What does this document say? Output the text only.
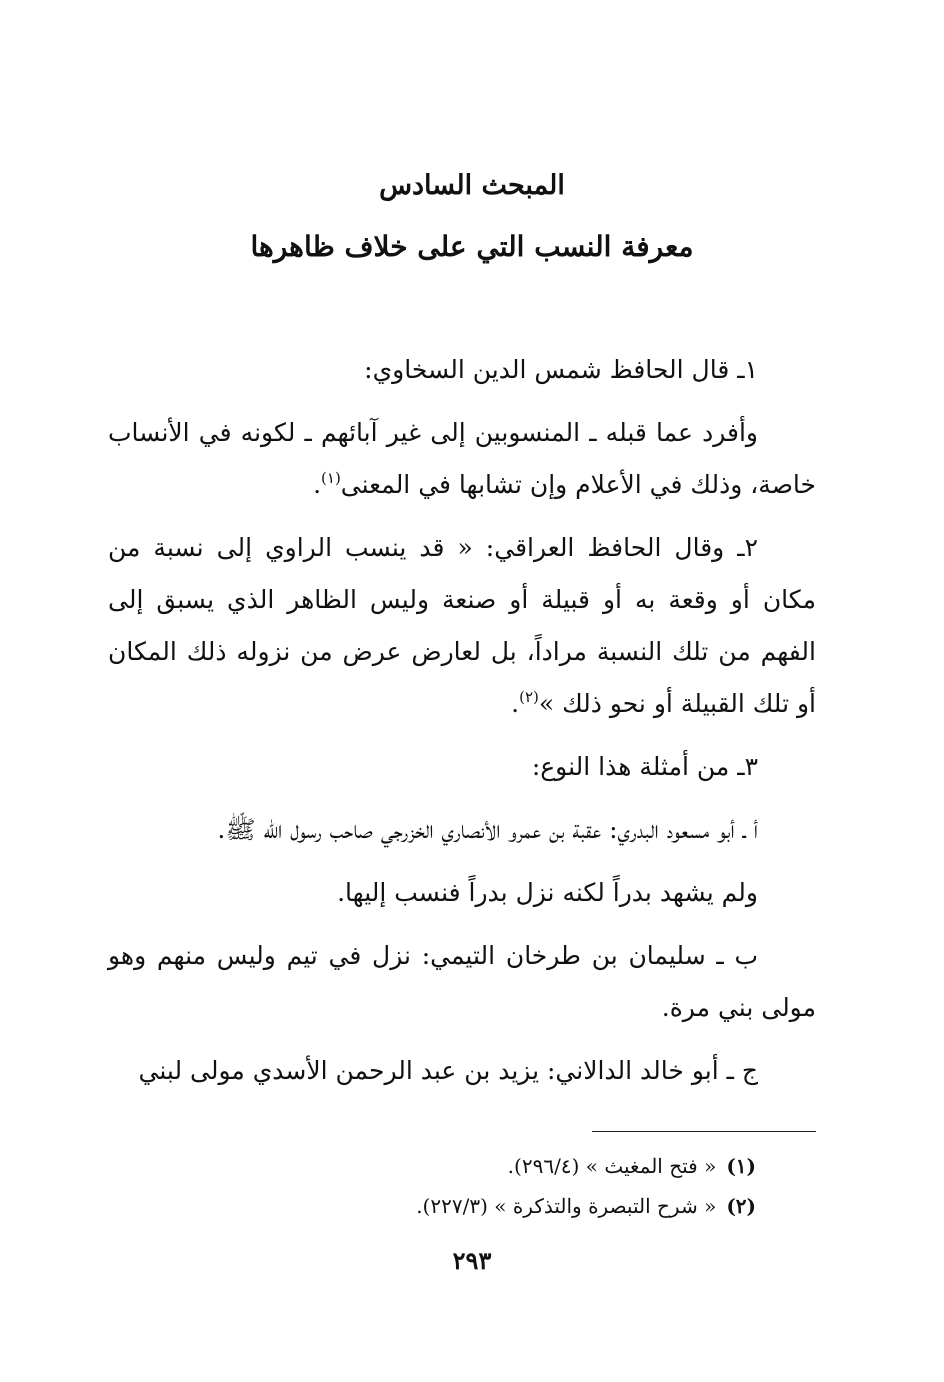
المبحث السادس
معرفة النسب التي على خلاف ظاهرها

١ـ قال الحافظ شمس الدين السخاوي:

وأفرد عما قبله ـ المنسوبين إلى غير آبائهم ـ لكونه في الأنساب خاصة، وذلك في الأعلام وإن تشابها في المعنى$^{(١)}$.

٢ـ وقال الحافظ العراقي: « قد ينسب الراوي إلى نسبة من مكان أو وقعة به أو قبيلة أو صنعة وليس الظاهر الذي يسبق إلى الفهم من تلك النسبة مراداً، بل لعارض عرض من نزوله ذلك المكان أو تلك القبيلة أو نحو ذلك »$^{(٢)}$.

٣ـ من أمثلة هذا النوع:

أ ـ أبو مسعود البدري: عقبة بن عمرو الأنصاري الخزرجي صاحب رسول الله ﷺ.

ولم يشهد بدراً لكنه نزل بدراً فنسب إليها.

ب ـ سليمان بن طرخان التيمي: نزل في تيم وليس منهم وهو مولى بني مرة.

ج ـ أبو خالد الدالاني: يزيد بن عبد الرحمن الأسدي مولى لبني

(١)« فتح المغيث » (٢٩٦/٤).

(٢)« شرح التبصرة والتذكرة » (٢٢٧/٣).

٢٩٣
